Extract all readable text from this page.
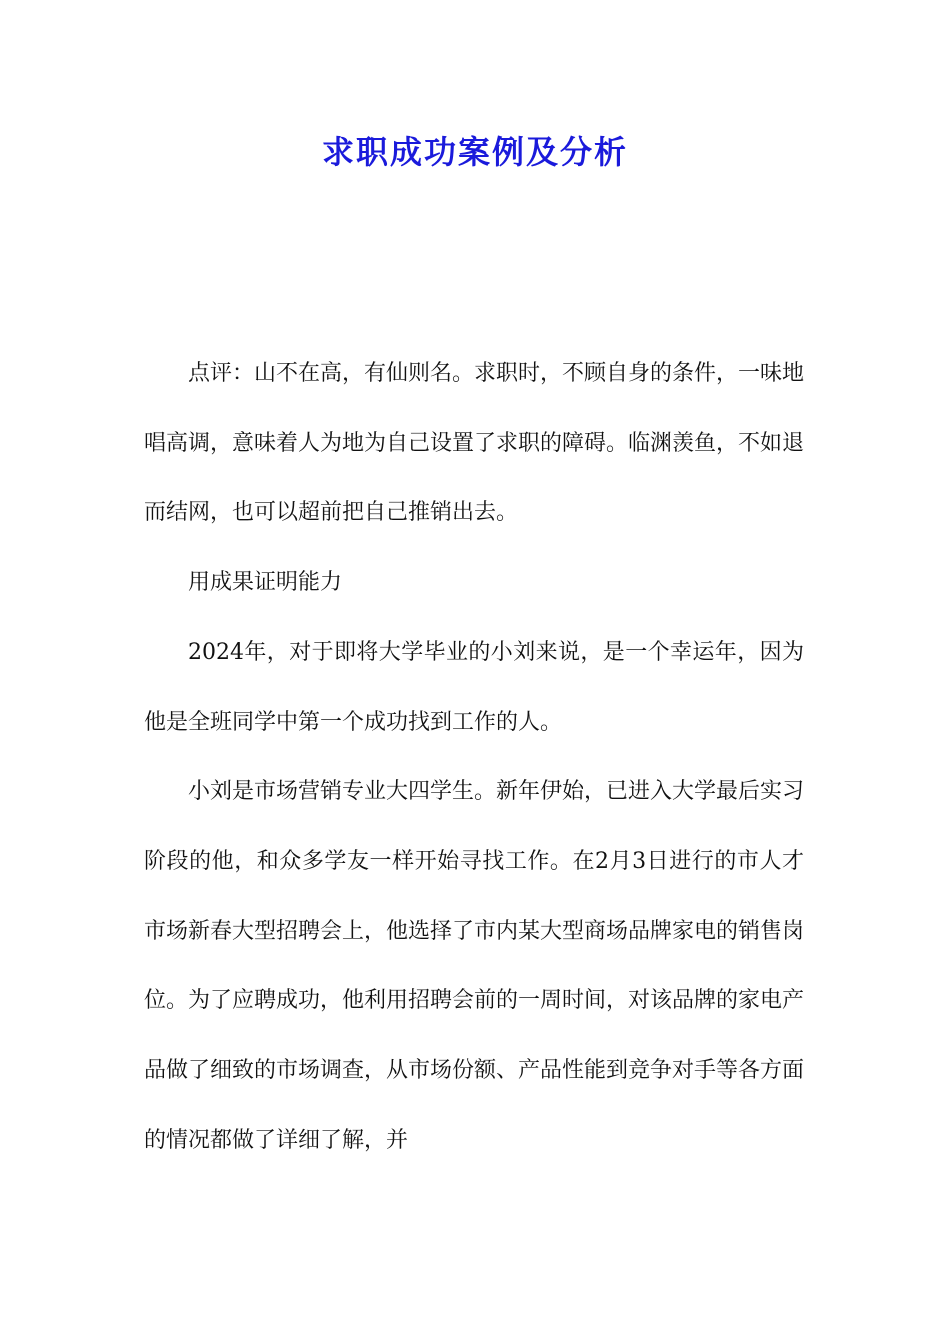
求职成功案例及分析

点评：山不在高，有仙则名。求职时，不顾自身的条件，一味地唱高调，意味着人为地为自己设置了求职的障碍。临渊羡鱼，不如退而结网，也可以超前把自己推销出去。

用成果证明能力

2024年，对于即将大学毕业的小刘来说，是一个幸运年，因为他是全班同学中第一个成功找到工作的人。

小刘是市场营销专业大四学生。新年伊始，已进入大学最后实习阶段的他，和众多学友一样开始寻找工作。在2月3日进行的市人才市场新春大型招聘会上，他选择了市内某大型商场品牌家电的销售岗位。为了应聘成功，他利用招聘会前的一周时间，对该品牌的家电产品做了细致的市场调查，从市场份额、产品性能到竞争对手等各方面的情况都做了详细了解，并
